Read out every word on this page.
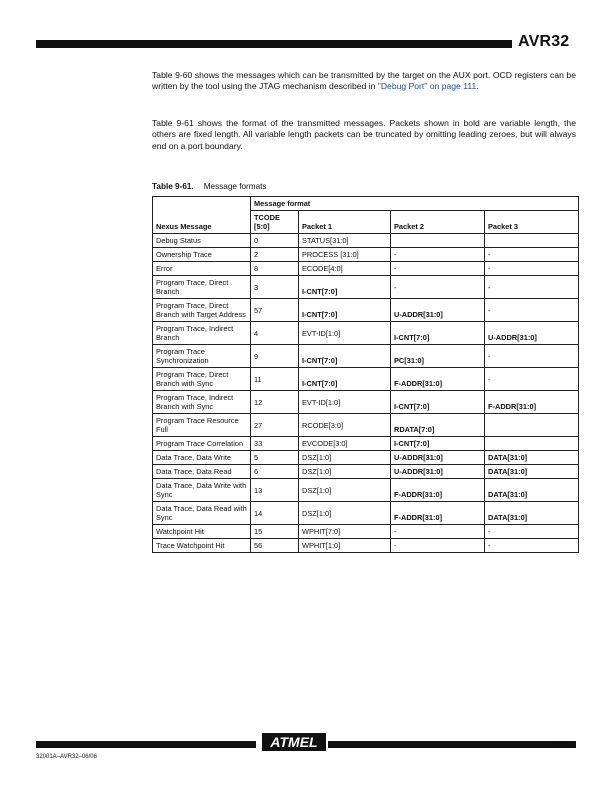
AVR32
Table 9-60 shows the messages which can be transmitted by the target on the AUX port. OCD registers can be written by the tool using the JTAG mechanism described in "Debug Port" on page 111.
Table 9-61 shows the format of the transmitted messages. Packets shown in bold are variable length, the others are fixed length. All variable length packets can be truncated by omitting leading zeroes, but will always end on a port boundary.
Table 9-61. Message formats
Nexus Message	Message format			
	TCODE [5:0]	Packet 1	Packet 2	Packet 3
Debug Status	0	STATUS[31:0]		
Ownership Trace	2	PROCESS [31:0]	-	-
Error	8	ECODE[4:0]	-	-
Program Trace, Direct Branch	3	I-CNT[7:0]	-	-
Program Trace, Direct Branch with Target Address	57	I-CNT[7:0]	U-ADDR[31:0]	-
Program Trace, Indirect Branch	4	EVT-ID[1:0]	I-CNT[7:0]	U-ADDR[31:0]
Program Trace Synchronization	9	I-CNT[7:0]	PC[31:0]	-
Program Trace, Direct Branch with Sync	11	I-CNT[7:0]	F-ADDR[31:0]	-
Program Trace, Indirect Branch with Sync	12	EVT-ID[1:0]	I-CNT[7:0]	F-ADDR[31:0]
Program Trace Resource Full	27	RCODE[3:0]	RDATA[7:0]	
Program Trace Correlation	33	EVCODE[3:0]	I-CNT[7:0]	
Data Trace, Data Write	5	DSZ[1:0]	U-ADDR[31:0]	DATA[31:0]
Data Trace, Data Read	6	DSZ[1:0]	U-ADDR[31:0]	DATA[31:0]
Data Trace, Data Write with Sync	13	DSZ[1:0]	F-ADDR[31:0]	DATA[31:0]
Data Trace, Data Read with Sync	14	DSZ[1:0]	F-ADDR[31:0]	DATA[31:0]
Watchpoint Hit	15	WPHIT[7:0]	-	-
Trace Watchpoint Hit	56	WPHIT[1:0]	-	-
ATMEL
32001A–AVR32–06/06
151
